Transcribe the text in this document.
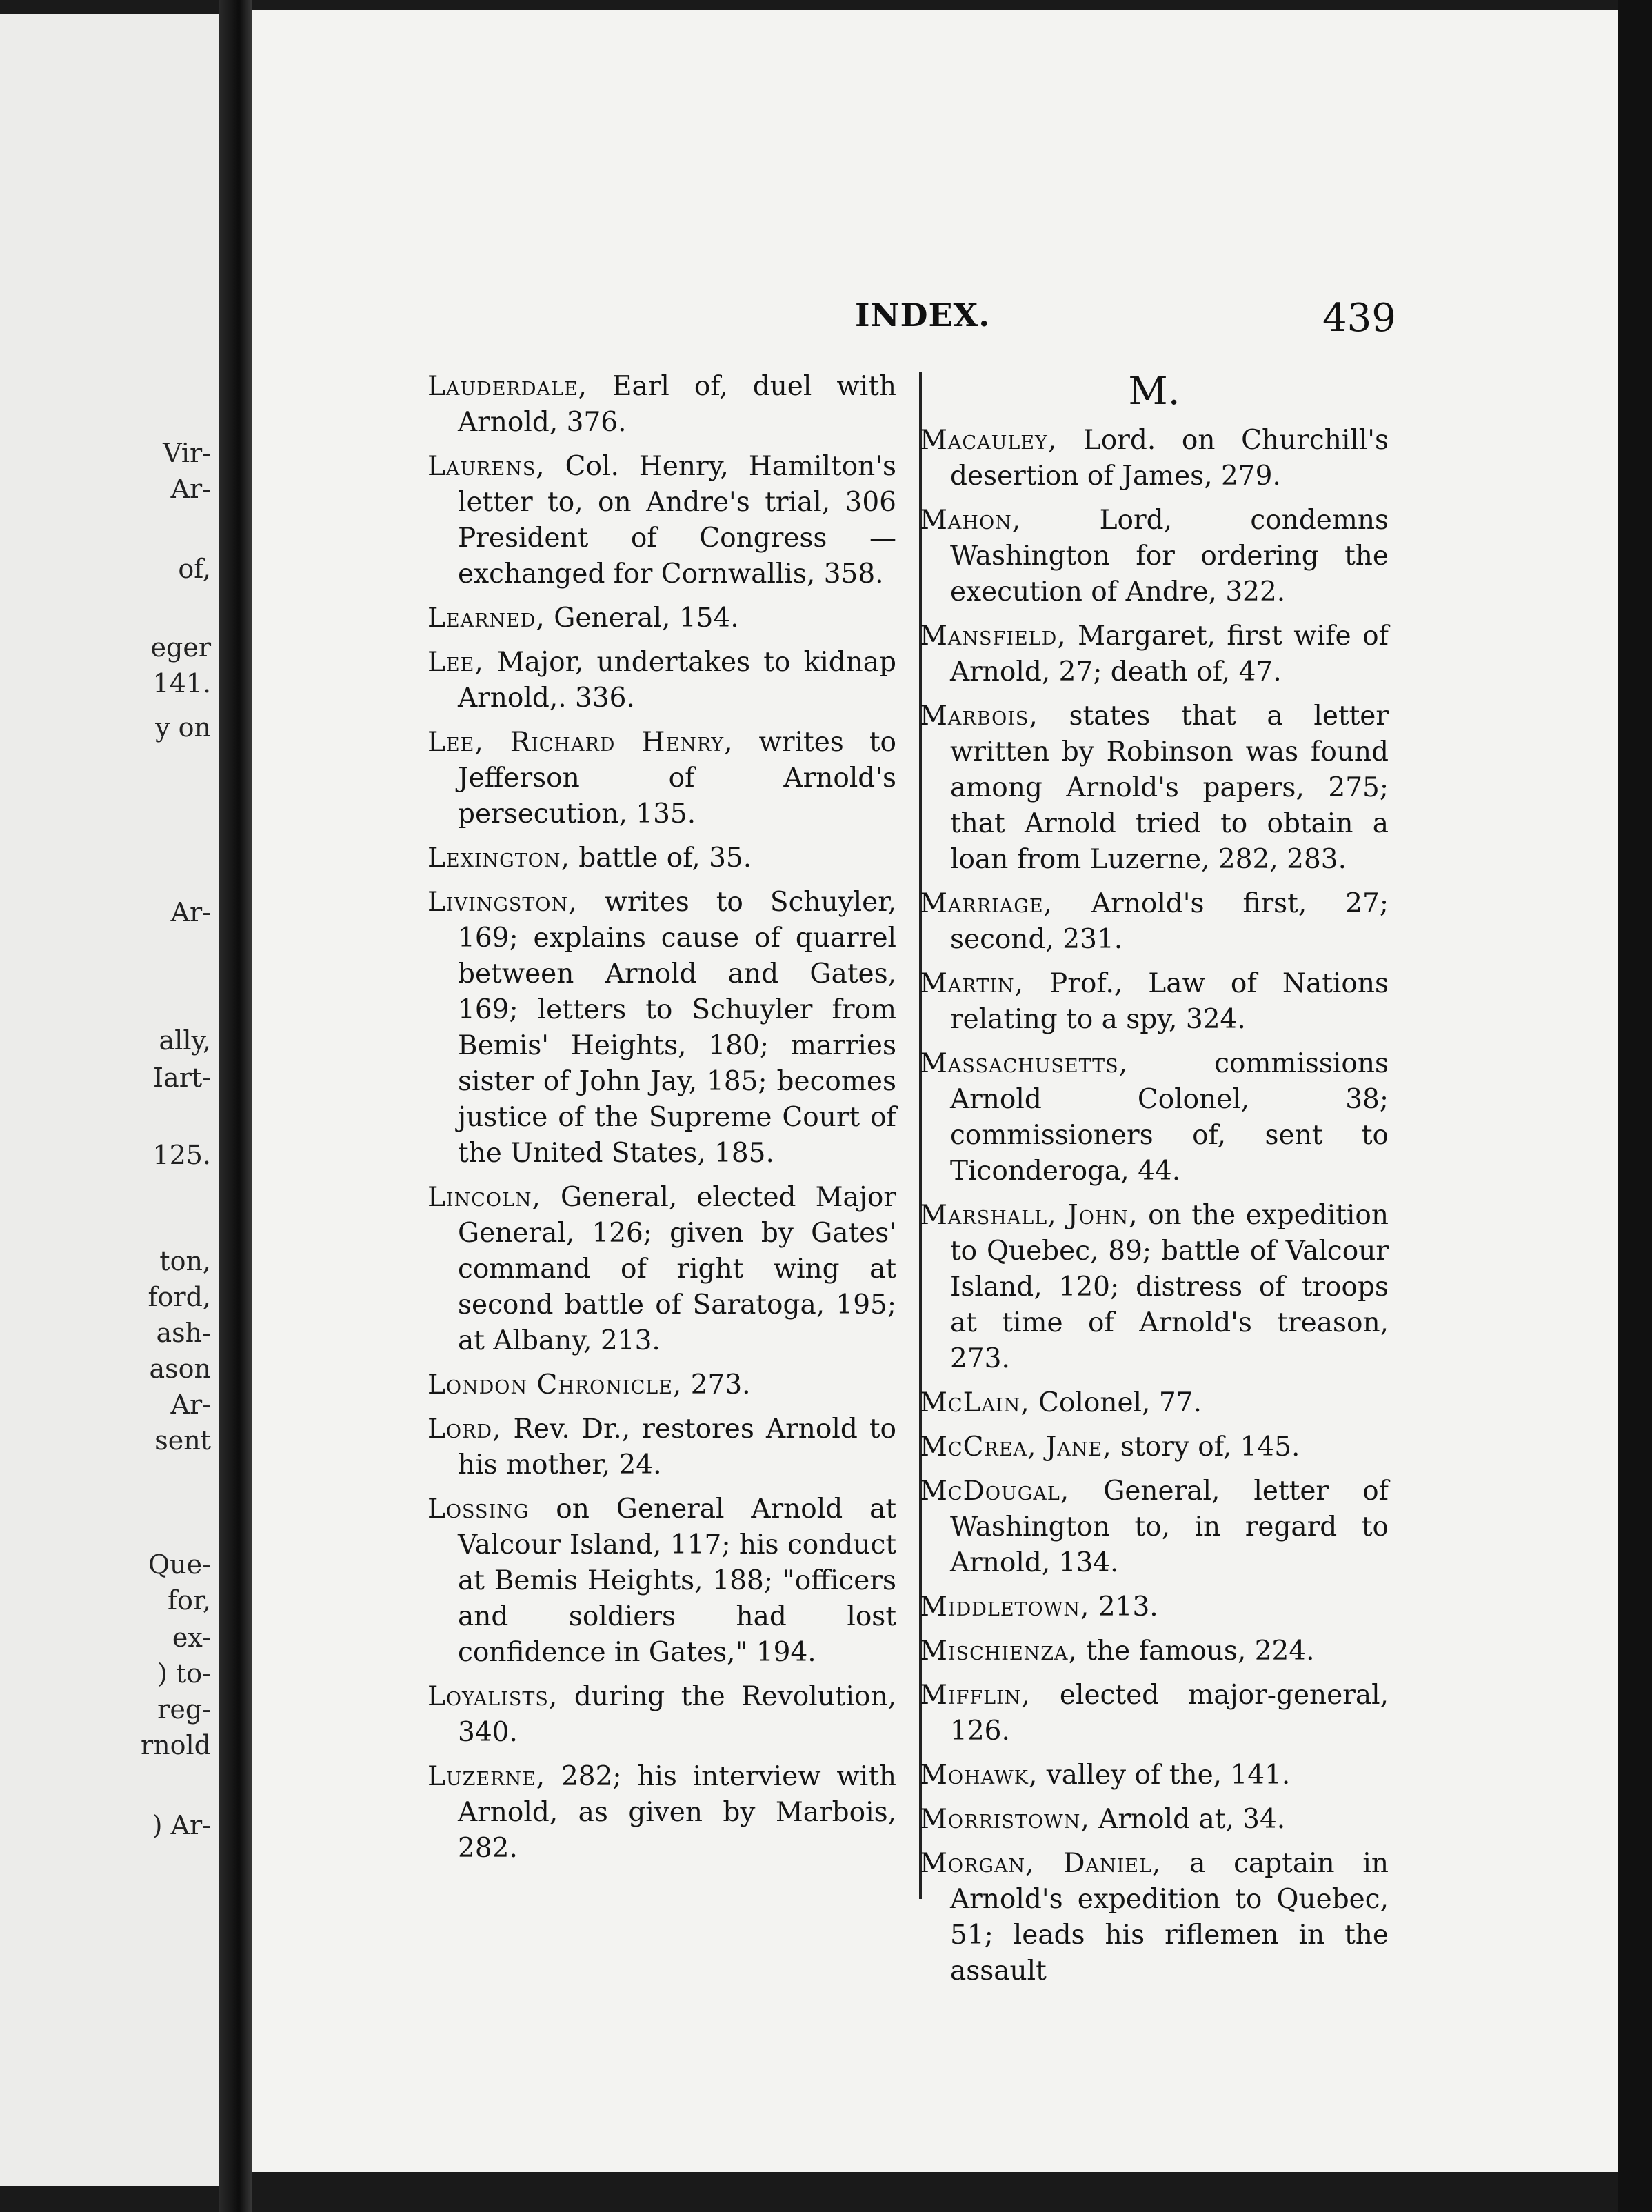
Vir-
Ar-
of,
eger
141.
y on
Ar-
ally,
Iart-
125.
ton,
ford,
ash-
ason
Ar-
sent
Que-
for,
ex-
) to-
reg-
rnold
) Ar-
INDEX.	439
Lauderdale, Earl of, duel with Arnold, 376.
Laurens, Col. Henry, Hamilton's letter to, on Andre's trial, 306 President of Congress — exchanged for Cornwallis, 358.
Learned, General, 154.
Lee, Major, undertakes to kidnap Arnold,. 336.
Lee, Richard Henry, writes to Jefferson of Arnold's persecution, 135.
Lexington, battle of, 35.
Livingston, writes to Schuyler, 169; explains cause of quarrel between Arnold and Gates, 169; letters to Schuyler from Bemis' Heights, 180; marries sister of John Jay, 185; becomes justice of the Supreme Court of the United States, 185.
Lincoln, General, elected Major General, 126; given by Gates' command of right wing at second battle of Saratoga, 195; at Albany, 213.
London Chronicle, 273.
Lord, Rev. Dr., restores Arnold to his mother, 24.
Lossing on General Arnold at Valcour Island, 117; his conduct at Bemis Heights, 188; "officers and soldiers had lost confidence in Gates," 194.
Loyalists, during the Revolution, 340.
Luzerne, 282; his interview with Arnold, as given by Marbois, 282.
M.
Macauley, Lord. on Churchill's desertion of James, 279.
Mahon, Lord, condemns Washington for ordering the execution of Andre, 322.
Mansfield, Margaret, first wife of Arnold, 27; death of, 47.
Marbois, states that a letter written by Robinson was found among Arnold's papers, 275; that Arnold tried to obtain a loan from Luzerne, 282, 283.
Marriage, Arnold's first, 27; second, 231.
Martin, Prof., Law of Nations relating to a spy, 324.
Massachusetts, commissions Arnold Colonel, 38; commissioners of, sent to Ticonderoga, 44.
Marshall, John, on the expedition to Quebec, 89; battle of Valcour Island, 120; distress of troops at time of Arnold's treason, 273.
McLain, Colonel, 77.
McCrea, Jane, story of, 145.
McDougal, General, letter of Washington to, in regard to Arnold, 134.
Middletown, 213.
Mischienza, the famous, 224.
Mifflin, elected major-general, 126.
Mohawk, valley of the, 141.
Morristown, Arnold at, 34.
Morgan, Daniel, a captain in Arnold's expedition to Quebec, 51; leads his riflemen in the assault
